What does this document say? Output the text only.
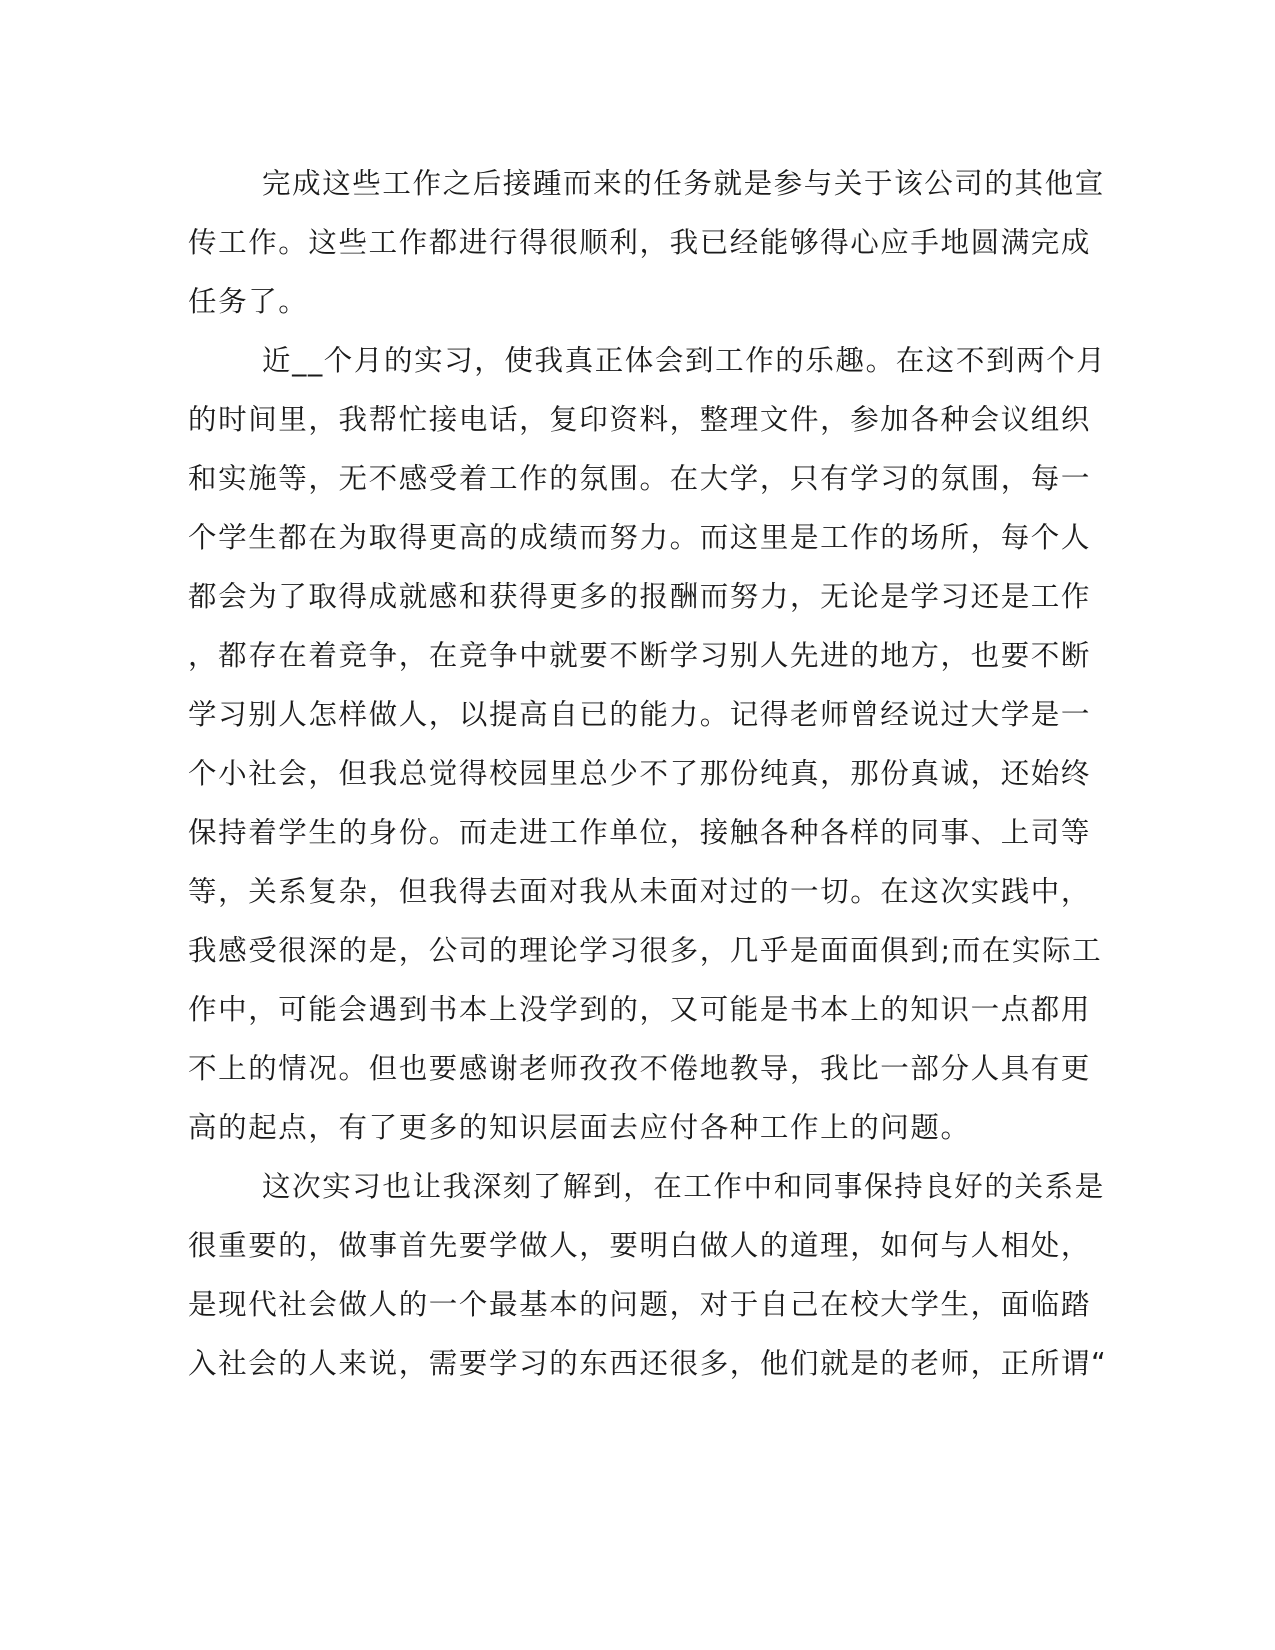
完成这些工作之后接踵而来的任务就是参与关于该公司的其他宣
传工作。这些工作都进行得很顺利，我已经能够得心应手地圆满完成
任务了。
近__个月的实习，使我真正体会到工作的乐趣。在这不到两个月
的时间里，我帮忙接电话，复印资料，整理文件，参加各种会议组织
和实施等，无不感受着工作的氛围。在大学，只有学习的氛围，每一
个学生都在为取得更高的成绩而努力。而这里是工作的场所，每个人
都会为了取得成就感和获得更多的报酬而努力，无论是学习还是工作
，都存在着竞争，在竞争中就要不断学习别人先进的地方，也要不断
学习别人怎样做人，以提高自已的能力。记得老师曾经说过大学是一
个小社会，但我总觉得校园里总少不了那份纯真，那份真诚，还始终
保持着学生的身份。而走进工作单位，接触各种各样的同事、上司等
等，关系复杂，但我得去面对我从未面对过的一切。在这次实践中，
我感受很深的是，公司的理论学习很多，几乎是面面俱到;而在实际工
作中，可能会遇到书本上没学到的，又可能是书本上的知识一点都用
不上的情况。但也要感谢老师孜孜不倦地教导，我比一部分人具有更
高的起点，有了更多的知识层面去应付各种工作上的问题。
这次实习也让我深刻了解到，在工作中和同事保持良好的关系是
很重要的，做事首先要学做人，要明白做人的道理，如何与人相处，
是现代社会做人的一个最基本的问题，对于自己在校大学生，面临踏
入社会的人来说，需要学习的东西还很多，他们就是的老师，正所谓“
